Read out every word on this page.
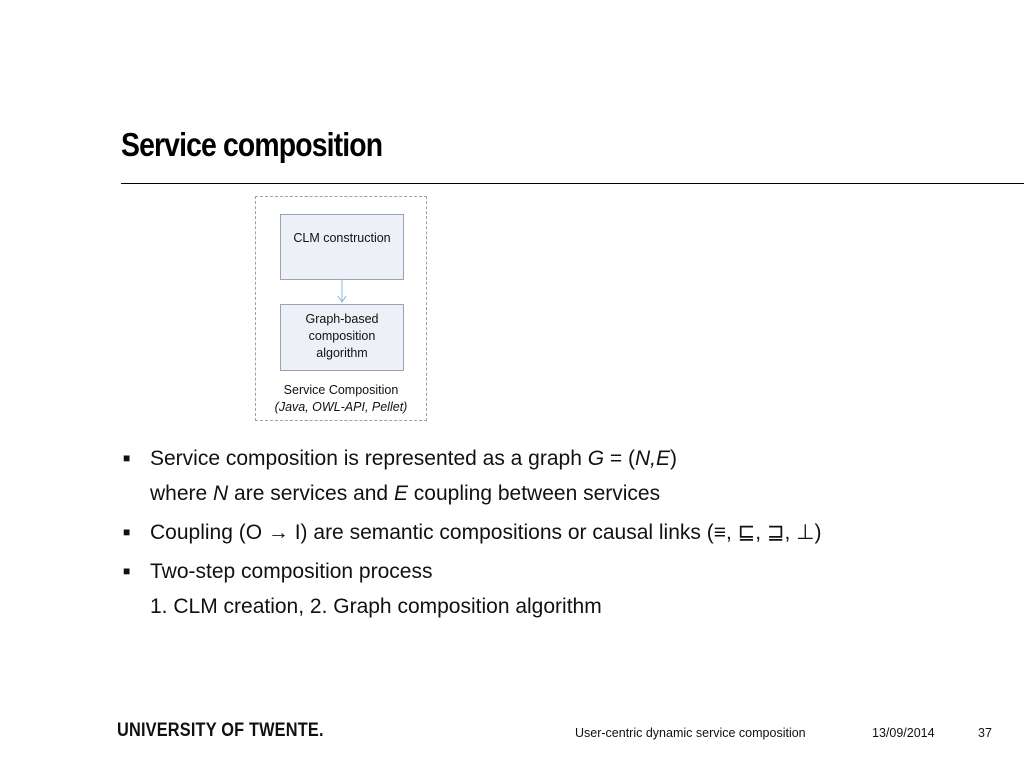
Service composition
CLM construction
Graph-based
composition
algorithm
Service Composition
(Java, OWL-API, Pellet)
■ Service composition is represented as a graph G = (N,E)
where N are services and E coupling between services
■ Coupling (O → I) are semantic compositions or causal links (≡, ⊑, ⊒, ⊥)
■ Two-step composition process
1. CLM creation, 2. Graph composition algorithm
UNIVERSITY OF TWENTE.	User-centric dynamic service composition	13/09/2014	37
